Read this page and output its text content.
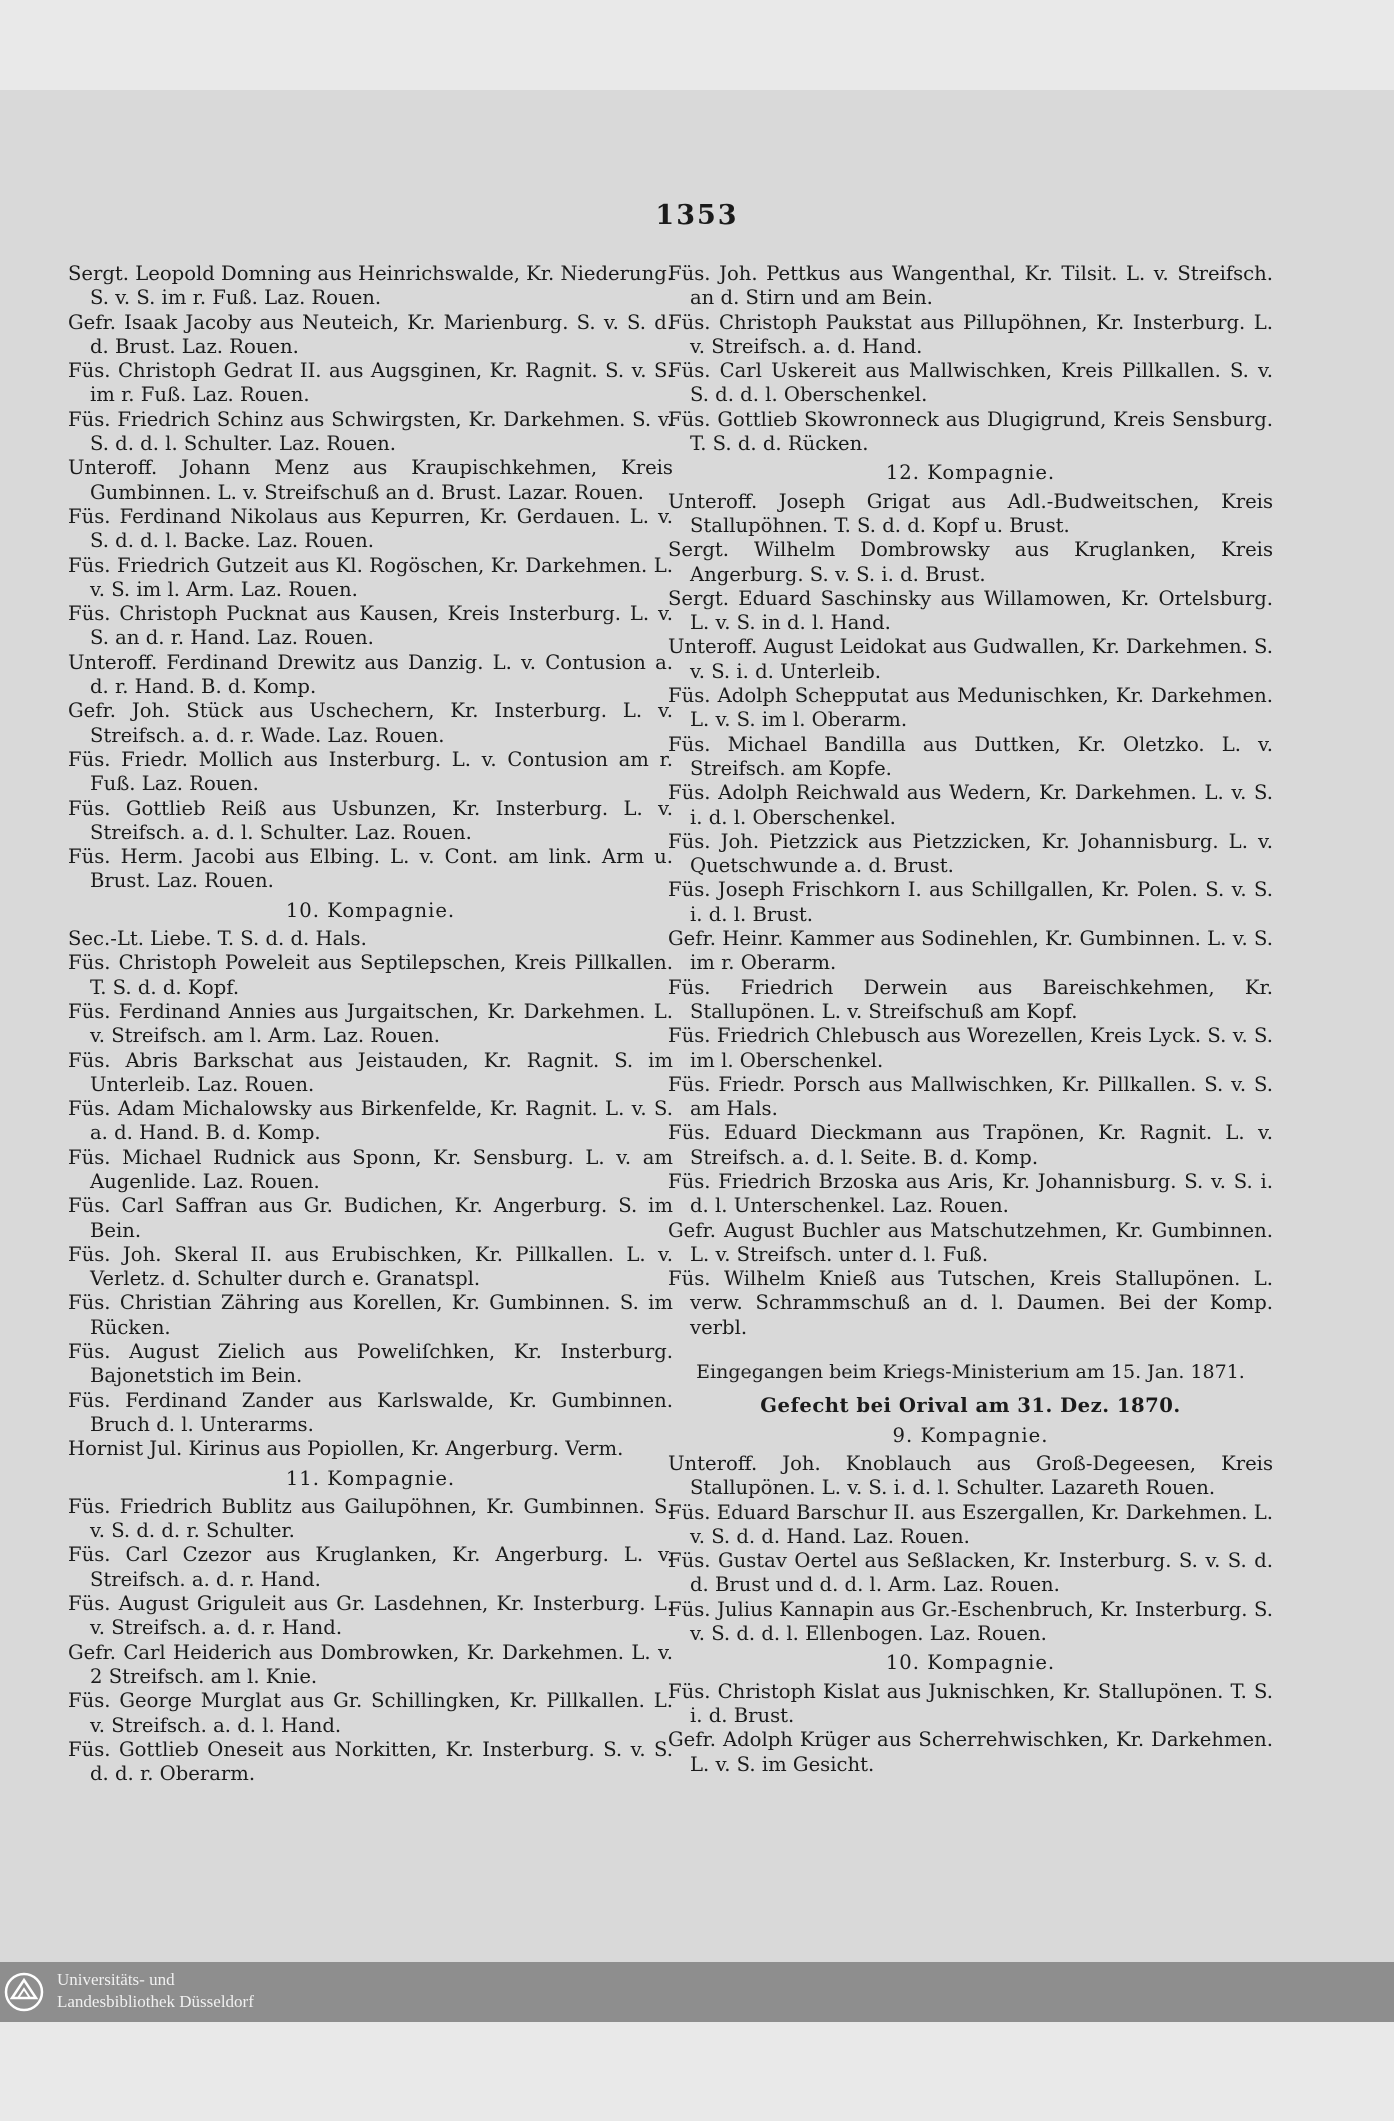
1353

Sergt. Leopold Domning aus Heinrichswalde, Kr. Niederung. S. v. S. im r. Fuß. Laz. Rouen.

Gefr. Isaak Jacoby aus Neuteich, Kr. Marienburg. S. v. S. d. d. Brust. Laz. Rouen.

Füs. Christoph Gedrat II. aus Augsginen, Kr. Ragnit. S. v. S. im r. Fuß. Laz. Rouen.

Füs. Friedrich Schinz aus Schwirgsten, Kr. Darkehmen. S. v. S. d. d. l. Schulter. Laz. Rouen.

Unteroff. Johann Menz aus Kraupischkehmen, Kreis Gumbinnen. L. v. Streifschuß an d. Brust. Lazar. Rouen.

Füs. Ferdinand Nikolaus aus Kepurren, Kr. Gerdauen. L. v. S. d. d. l. Backe. Laz. Rouen.

Füs. Friedrich Gutzeit aus Kl. Rogöschen, Kr. Darkehmen. L. v. S. im l. Arm. Laz. Rouen.

Füs. Christoph Pucknat aus Kausen, Kreis Insterburg. L. v. S. an d. r. Hand. Laz. Rouen.

Unteroff. Ferdinand Drewitz aus Danzig. L. v. Contusion a. d. r. Hand. B. d. Komp.

Gefr. Joh. Stück aus Uschechern, Kr. Insterburg. L. v. Streifsch. a. d. r. Wade. Laz. Rouen.

Füs. Friedr. Mollich aus Insterburg. L. v. Contusion am r. Fuß. Laz. Rouen.

Füs. Gottlieb Reiß aus Usbunzen, Kr. Insterburg. L. v. Streifsch. a. d. l. Schulter. Laz. Rouen.

Füs. Herm. Jacobi aus Elbing. L. v. Cont. am link. Arm u. Brust. Laz. Rouen.

10. Kompagnie.

Sec.-Lt. Liebe. T. S. d. d. Hals.

Füs. Christoph Poweleit aus Septilepschen, Kreis Pillkallen. T. S. d. d. Kopf.

Füs. Ferdinand Annies aus Jurgaitschen, Kr. Darkehmen. L. v. Streifsch. am l. Arm. Laz. Rouen.

Füs. Abris Barkschat aus Jeistauden, Kr. Ragnit. S. im Unterleib. Laz. Rouen.

Füs. Adam Michalowsky aus Birkenfelde, Kr. Ragnit. L. v. S. a. d. Hand. B. d. Komp.

Füs. Michael Rudnick aus Sponn, Kr. Sensburg. L. v. am Augenlide. Laz. Rouen.

Füs. Carl Saffran aus Gr. Budichen, Kr. Angerburg. S. im Bein.

Füs. Joh. Skeral II. aus Erubischken, Kr. Pillkallen. L. v. Verletz. d. Schulter durch e. Granatspl.

Füs. Christian Zähring aus Korellen, Kr. Gumbinnen. S. im Rücken.

Füs. August Zielich aus Poweliſchken, Kr. Insterburg. Bajonetstich im Bein.

Füs. Ferdinand Zander aus Karlswalde, Kr. Gumbinnen. Bruch d. l. Unterarms.

Hornist Jul. Kirinus aus Popiollen, Kr. Angerburg. Verm.

11. Kompagnie.

Füs. Friedrich Bublitz aus Gailupöhnen, Kr. Gumbinnen. S. v. S. d. d. r. Schulter.

Füs. Carl Czezor aus Kruglanken, Kr. Angerburg. L. v. Streifsch. a. d. r. Hand.

Füs. August Griguleit aus Gr. Lasdehnen, Kr. Insterburg. L. v. Streifsch. a. d. r. Hand.

Gefr. Carl Heiderich aus Dombrowken, Kr. Darkehmen. L. v. 2 Streifsch. am l. Knie.

Füs. George Murglat aus Gr. Schillingken, Kr. Pillkallen. L. v. Streifsch. a. d. l. Hand.

Füs. Gottlieb Oneseit aus Norkitten, Kr. Insterburg. S. v. S. d. d. r. Oberarm.

Füs. Joh. Pettkus aus Wangenthal, Kr. Tilsit. L. v. Streifsch. an d. Stirn und am Bein.

Füs. Christoph Paukstat aus Pillupöhnen, Kr. Insterburg. L. v. Streifsch. a. d. Hand.

Füs. Carl Uskereit aus Mallwischken, Kreis Pillkallen. S. v. S. d. d. l. Oberschenkel.

Füs. Gottlieb Skowronneck aus Dlugigrund, Kreis Sensburg. T. S. d. d. Rücken.

12. Kompagnie.

Unteroff. Joseph Grigat aus Adl.-Budweitschen, Kreis Stallupöhnen. T. S. d. d. Kopf u. Brust.

Sergt. Wilhelm Dombrowsky aus Kruglanken, Kreis Angerburg. S. v. S. i. d. Brust.

Sergt. Eduard Saschinsky aus Willamowen, Kr. Ortelsburg. L. v. S. in d. l. Hand.

Unteroff. August Leidokat aus Gudwallen, Kr. Darkehmen. S. v. S. i. d. Unterleib.

Füs. Adolph Schepputat aus Medunischken, Kr. Darkehmen. L. v. S. im l. Oberarm.

Füs. Michael Bandilla aus Duttken, Kr. Oletzko. L. v. Streifsch. am Kopfe.

Füs. Adolph Reichwald aus Wedern, Kr. Darkehmen. L. v. S. i. d. l. Oberschenkel.

Füs. Joh. Pietzzick aus Pietzzicken, Kr. Johannisburg. L. v. Quetschwunde a. d. Brust.

Füs. Joseph Frischkorn I. aus Schillgallen, Kr. Polen. S. v. S. i. d. l. Brust.

Gefr. Heinr. Kammer aus Sodinehlen, Kr. Gumbinnen. L. v. S. im r. Oberarm.

Füs. Friedrich Derwein aus Bareischkehmen, Kr. Stallupönen. L. v. Streifschuß am Kopf.

Füs. Friedrich Chlebusch aus Worezellen, Kreis Lyck. S. v. S. im l. Oberschenkel.

Füs. Friedr. Porsch aus Mallwischken, Kr. Pillkallen. S. v. S. am Hals.

Füs. Eduard Dieckmann aus Trapönen, Kr. Ragnit. L. v. Streifsch. a. d. l. Seite. B. d. Komp.

Füs. Friedrich Brzoska aus Aris, Kr. Johannisburg. S. v. S. i. d. l. Unterschenkel. Laz. Rouen.

Gefr. August Buchler aus Matschutzehmen, Kr. Gumbinnen. L. v. Streifsch. unter d. l. Fuß.

Füs. Wilhelm Knieß aus Tutschen, Kreis Stallupönen. L. verw. Schrammschuß an d. l. Daumen. Bei der Komp. verbl.

Eingegangen beim Kriegs-Ministerium am 15. Jan. 1871.
Gefecht bei Orival am 31. Dez. 1870.
9. Kompagnie.

Unteroff. Joh. Knoblauch aus Groß-Degeesen, Kreis Stallupönen. L. v. S. i. d. l. Schulter. Lazareth Rouen.

Füs. Eduard Barschur II. aus Eszergallen, Kr. Darkehmen. L. v. S. d. d. Hand. Laz. Rouen.

Füs. Gustav Oertel aus Seßlacken, Kr. Insterburg. S. v. S. d. d. Brust und d. d. l. Arm. Laz. Rouen.

Füs. Julius Kannapin aus Gr.-Eschenbruch, Kr. Insterburg. S. v. S. d. d. l. Ellenbogen. Laz. Rouen.

10. Kompagnie.

Füs. Christoph Kislat aus Juknischken, Kr. Stallupönen. T. S. i. d. Brust.

Gefr. Adolph Krüger aus Scherrehwischken, Kr. Darkehmen. L. v. S. im Gesicht.

Universitäts- und
Landesbibliothek Düsseldorf
